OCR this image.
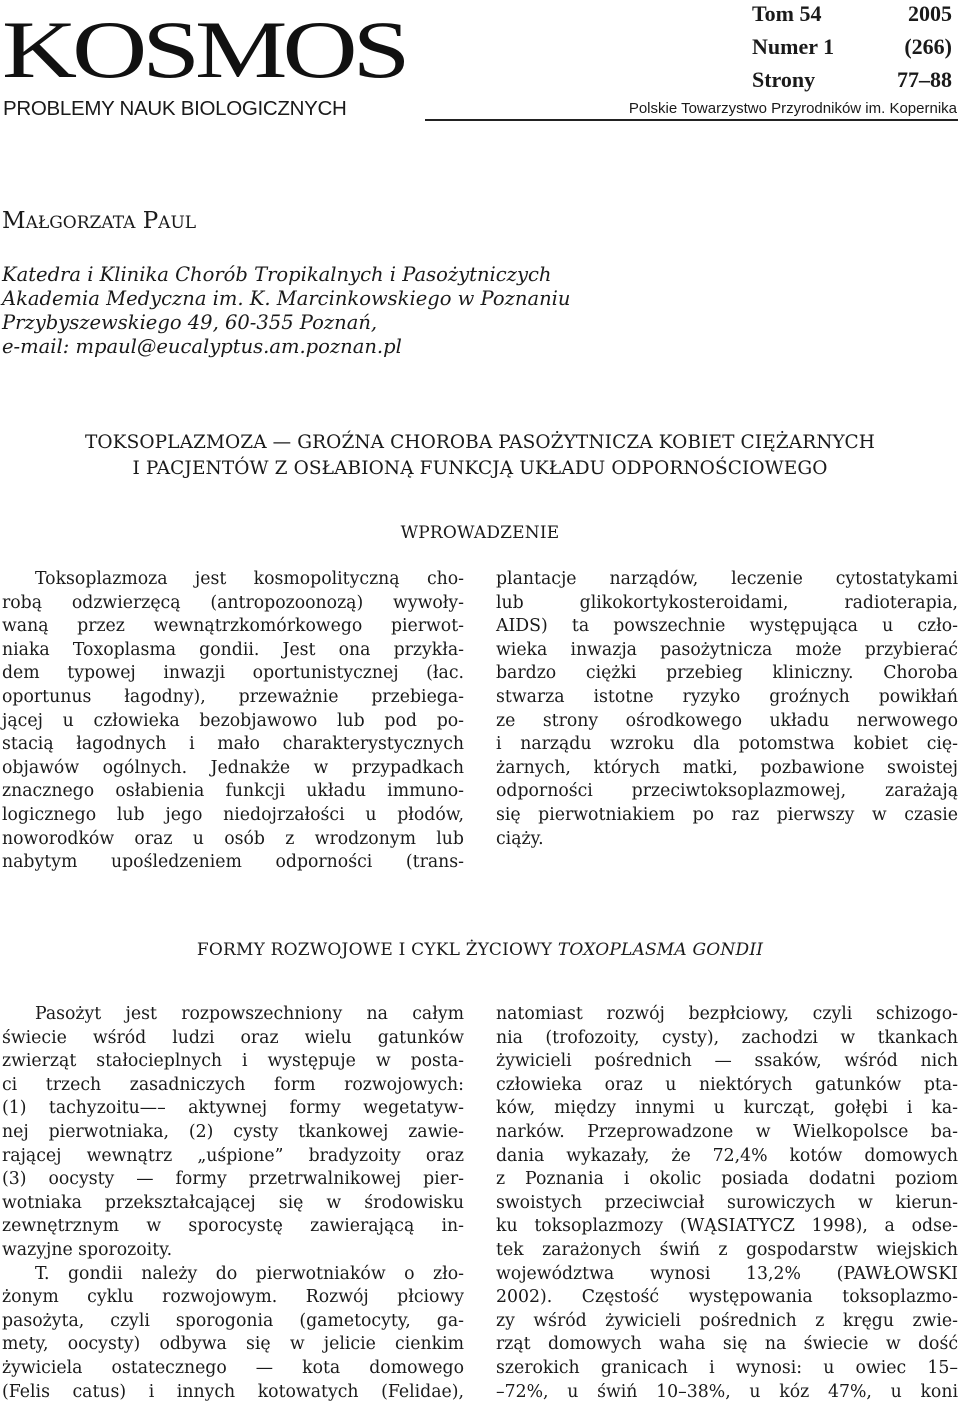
KOSMOS
PROBLEMY NAUK BIOLOGICZNYCH	Polskie Towarzystwo Przyrodników im. Kopernika
Tom 54	2005
Numer 1	(266)
Strony	77–88
MAŁGORZATA PAUL
Katedra i Klinika Chorób Tropikalnych i Pasożytniczych
Akademia Medyczna im. K. Marcinkowskiego w Poznaniu
Przybyszewskiego 49, 60-355 Poznań,
e-mail: mpaul@eucalyptus.am.poznan.pl
TOKSOPLAZMOZA — GROŹNA CHOROBA PASOŻYTNICZA KOBIET CIĘŻARNYCH
I PACJENTÓW Z OSŁABIONĄ FUNKCJĄ UKŁADU ODPORNOŚCIOWEGO
WPROWADZENIE
Toksoplazmoza jest kosmopolityczną cho-
robą odzwierzęcą (antropozoonozą) wywoły-
waną przez wewnątrzkomórkowego pierwot-
niaka Toxoplasma gondii. Jest ona przykła-
dem typowej inwazji oportunistycznej (łac.
oportunus łagodny), przeważnie przebiega-
jącej u człowieka bezobjawowo lub pod po-
stacią łagodnych i mało charakterystycznych
objawów ogólnych. Jednakże w przypadkach
znacznego osłabienia funkcji układu immuno-
logicznego lub jego niedojrzałości u płodów,
noworodków oraz u osób z wrodzonym lub
nabytym upośledzeniem odporności (trans-
plantacje narządów, leczenie cytostatykami
lub glikokortykosteroidami, radioterapia,
AIDS) ta powszechnie występująca u czło-
wieka inwazja pasożytnicza może przybierać
bardzo ciężki przebieg kliniczny. Choroba
stwarza istotne ryzyko groźnych powikłań
ze strony ośrodkowego układu nerwowego
i narządu wzroku dla potomstwa kobiet cię-
żarnych, których matki, pozbawione swoistej
odporności przeciwtoksoplazmowej, zarażają
się pierwotniakiem po raz pierwszy w czasie
ciąży.
FORMY ROZWOJOWE I CYKL ŻYCIOWY TOXOPLASMA GONDII
Pasożyt jest rozpowszechniony na całym
świecie wśród ludzi oraz wielu gatunków
zwierząt stałocieplnych i występuje w posta-
ci trzech zasadniczych form rozwojowych:
(1) tachyzoitu—– aktywnej formy wegetatyw-
nej pierwotniaka, (2) cysty tkankowej zawie-
rającej wewnątrz „uśpione” bradyzoity oraz
(3) oocysty — formy przetrwalnikowej pier-
wotniaka przekształcającej się w środowisku
zewnętrznym w sporocystę zawierającą in-
wazyjne sporozoity.
T. gondii należy do pierwotniaków o zło-
żonym cyklu rozwojowym. Rozwój płciowy
pasożyta, czyli sporogonia (gametocyty, ga-
mety, oocysty) odbywa się w jelicie cienkim
żywiciela ostatecznego — kota domowego
(Felis catus) i innych kotowatych (Felidae),
natomiast rozwój bezpłciowy, czyli schizogo-
nia (trofozoity, cysty), zachodzi w tkankach
żywicieli pośrednich — ssaków, wśród nich
człowieka oraz u niektórych gatunków pta-
ków, między innymi u kurcząt, gołębi i ka-
narków. Przeprowadzone w Wielkopolsce ba-
dania wykazały, że 72,4% kotów domowych
z Poznania i okolic posiada dodatni poziom
swoistych przeciwciał surowiczych w kierun-
ku toksoplazmozy (WĄSIATYCZ 1998), a odse-
tek zarażonych świń z gospodarstw wiejskich
województwa wynosi 13,2% (PAWŁOWSKI
2002). Częstość występowania toksoplazmo-
zy wśród żywicieli pośrednich z kręgu zwie-
rząt domowych waha się na świecie w dość
szerokich granicach i wynosi: u owiec 15–
–72%, u świń 10–38%, u kóz 47%, u koni
